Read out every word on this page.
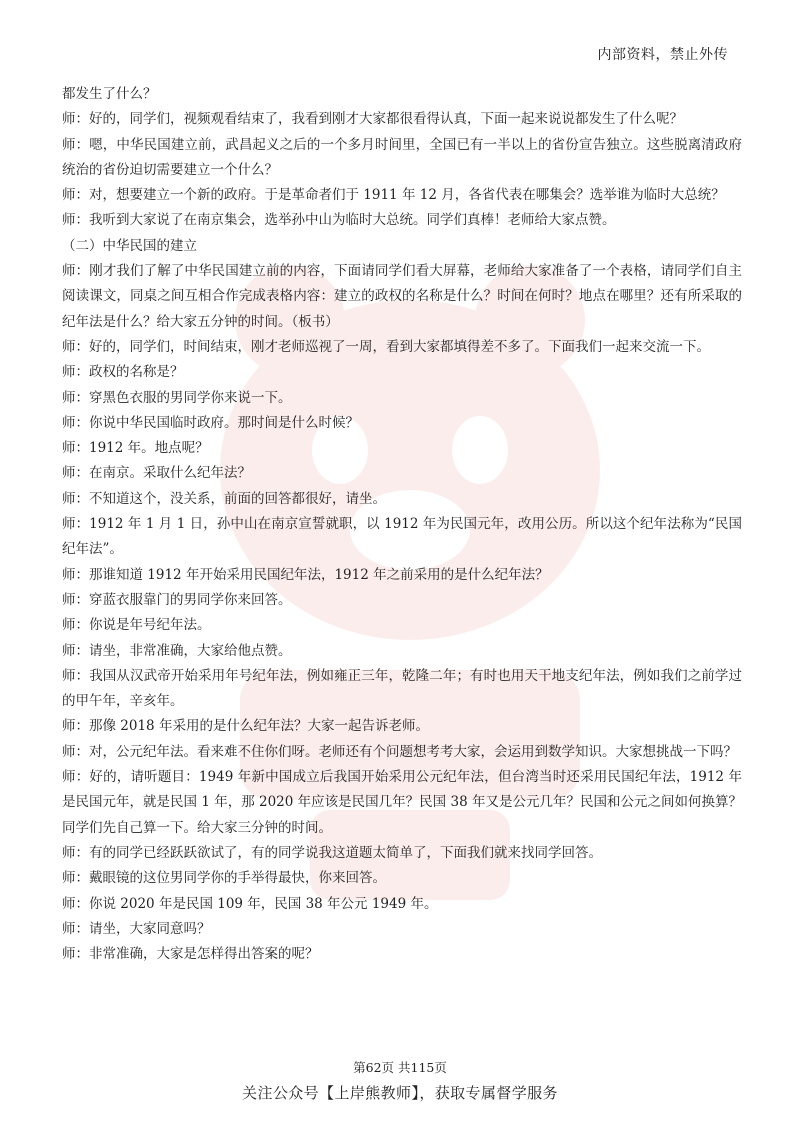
内部资料，禁止外传

都发生了什么？

师：好的，同学们，视频观看结束了，我看到刚才大家都很看得认真，下面一起来说说都发生了什么呢？

师：嗯，中华民国建立前，武昌起义之后的一个多月时间里，全国已有一半以上的省份宣告独立。这些脱离清政府统治的省份迫切需要建立一个什么？

师：对，想要建立一个新的政府。于是革命者们于 1911 年 12 月，各省代表在哪集会？选举谁为临时大总统？

师：我听到大家说了在南京集会，选举孙中山为临时大总统。同学们真棒！老师给大家点赞。

（二）中华民国的建立

师：刚才我们了解了中华民国建立前的内容，下面请同学们看大屏幕，老师给大家准备了一个表格，请同学们自主阅读课文，同桌之间互相合作完成表格内容：建立的政权的名称是什么？时间在何时？地点在哪里？还有所采取的纪年法是什么？给大家五分钟的时间。（板书）

师：好的，同学们，时间结束，刚才老师巡视了一周，看到大家都填得差不多了。下面我们一起来交流一下。

师：政权的名称是？

师：穿黑色衣服的男同学你来说一下。

师：你说中华民国临时政府。那时间是什么时候？

师：1912 年。地点呢？

师：在南京。采取什么纪年法？

师：不知道这个，没关系，前面的回答都很好，请坐。

师：1912 年 1 月 1 日，孙中山在南京宣誓就职，以 1912 年为民国元年，改用公历。所以这个纪年法称为“民国纪年法”。

师：那谁知道 1912 年开始采用民国纪年法，1912 年之前采用的是什么纪年法？

师：穿蓝衣服靠门的男同学你来回答。

师：你说是年号纪年法。

师：请坐，非常准确，大家给他点赞。

师：我国从汉武帝开始采用年号纪年法，例如雍正三年，乾隆二年；有时也用天干地支纪年法，例如我们之前学过的甲午年，辛亥年。

师：那像 2018 年采用的是什么纪年法？大家一起告诉老师。

师：对，公元纪年法。看来难不住你们呀。老师还有个问题想考考大家，会运用到数学知识。大家想挑战一下吗？

师：好的，请听题目：1949 年新中国成立后我国开始采用公元纪年法，但台湾当时还采用民国纪年法，1912 年是民国元年，就是民国 1 年，那 2020 年应该是民国几年？民国 38 年又是公元几年？民国和公元之间如何换算？同学们先自己算一下。给大家三分钟的时间。

师：有的同学已经跃跃欲试了，有的同学说我这道题太简单了，下面我们就来找同学回答。

师：戴眼镜的这位男同学你的手举得最快，你来回答。

师：你说 2020 年是民国 109 年，民国 38 年公元 1949 年。

师：请坐，大家同意吗？

师：非常准确，大家是怎样得出答案的呢？

第62页 共115页
关注公众号【上岸熊教师】，获取专属督学服务
